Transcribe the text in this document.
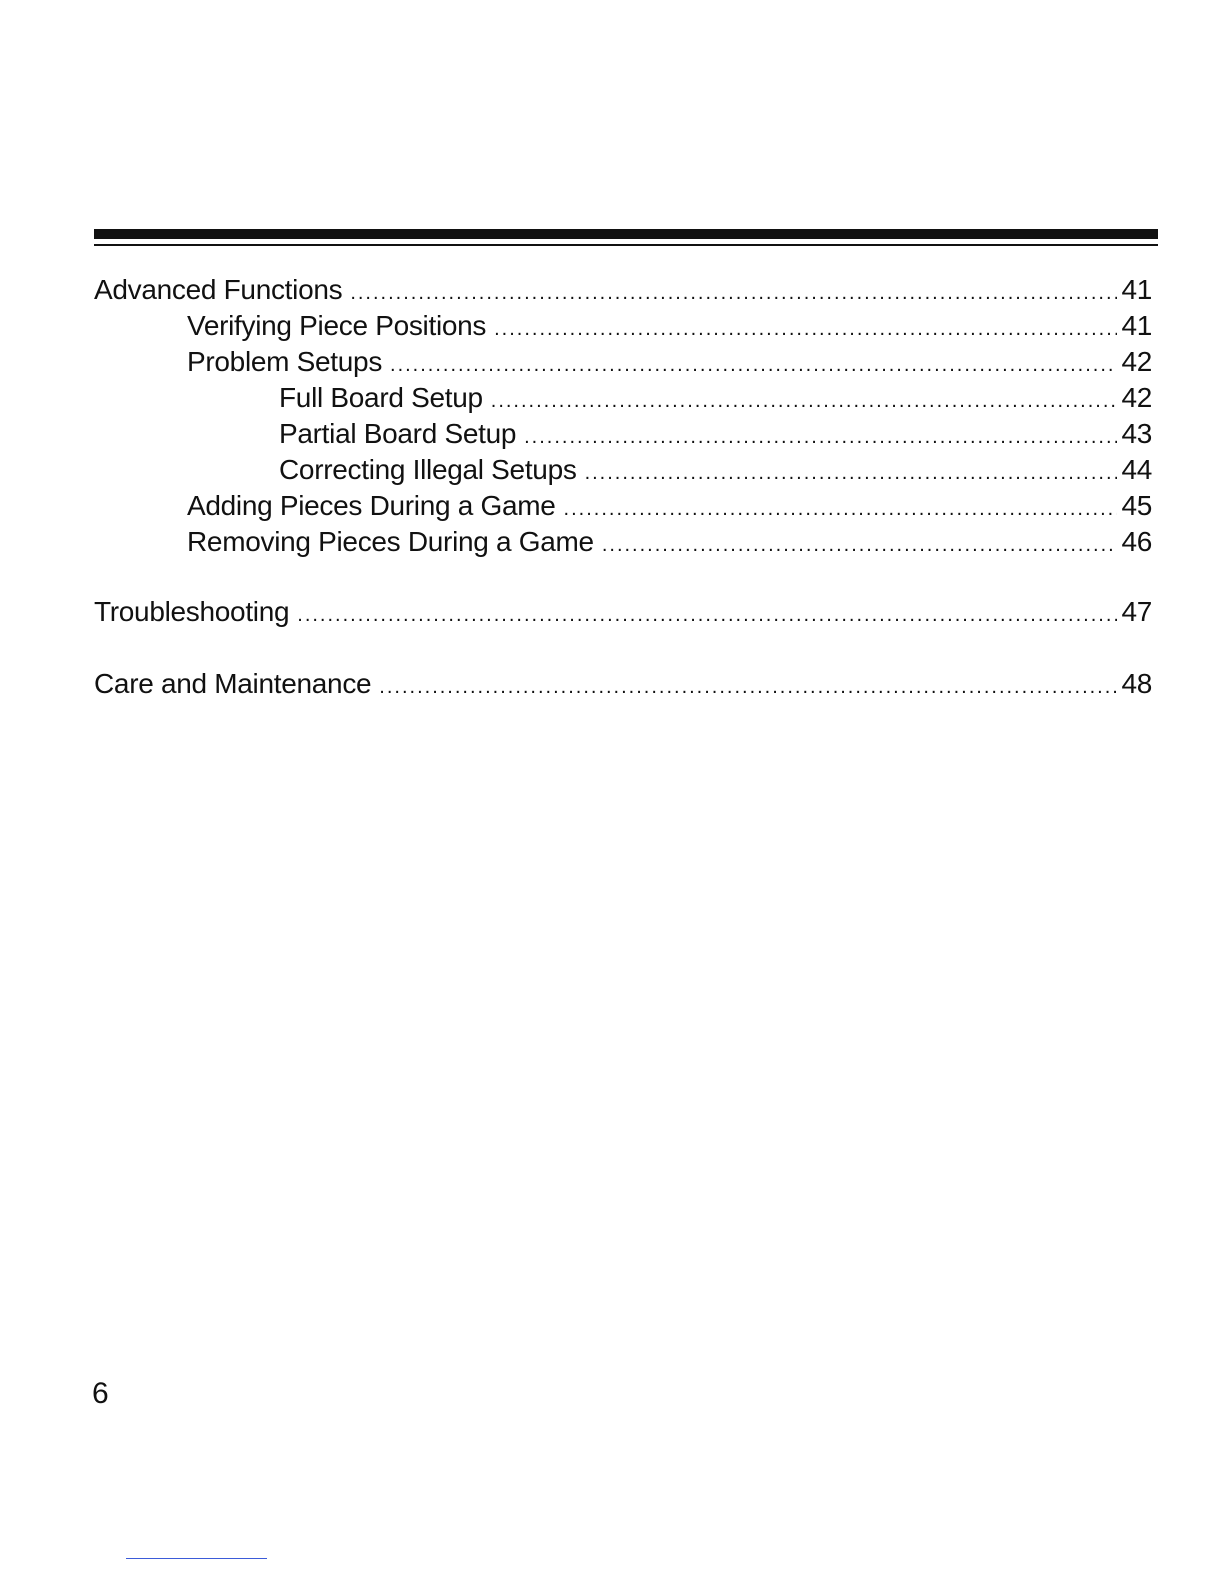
Advanced Functions .....	41
Verifying Piece Positions .....	41
Problem Setups .....	42
Full Board Setup .....	42
Partial Board Setup .....	43
Correcting Illegal Setups .....	44
Adding Pieces During a Game .....	45
Removing Pieces During a Game .....	46
Troubleshooting .....	47
Care and Maintenance .....	48
6
